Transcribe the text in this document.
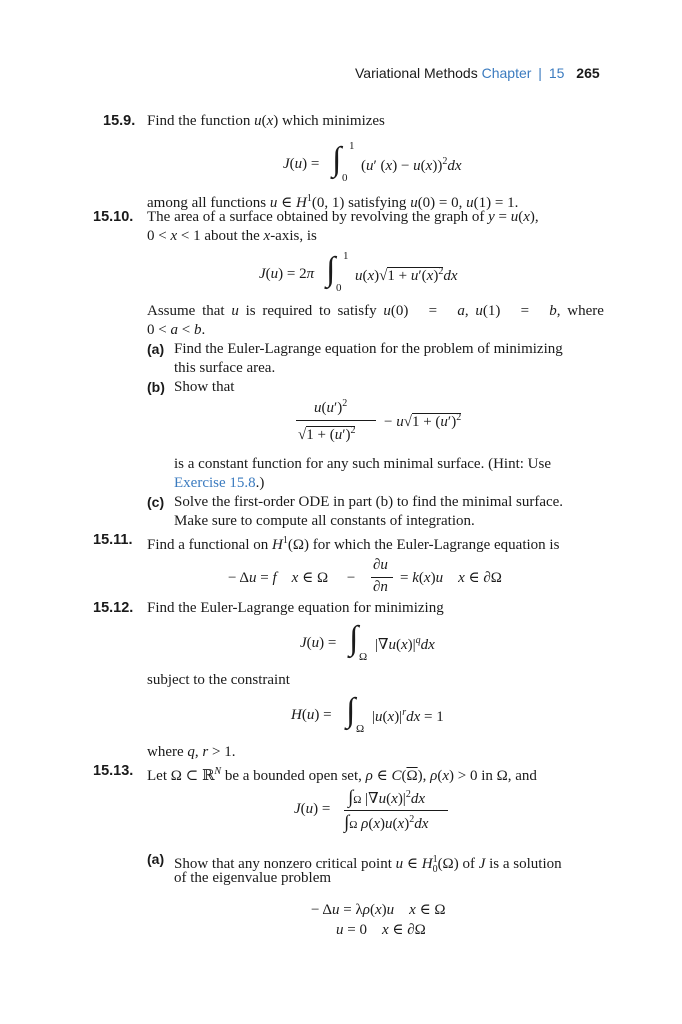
Variational Methods Chapter | 15 265
15.9. Find the function u(x) which minimizes
J(u) = ∫ 1
0
(u′ (x) − u(x))$^2$dx
among all functions u ∈ $H^1(0$, 1) satisfying u(0) = 0, u(1) = 1.
15.10. The area of a surface obtained by revolving the graph of y = u(x),
0 < x < 1 about the x-axis, is
J(u) = 2π ∫ 1
0
$u(x)√1 + u'(x)^2dx$
Assume that u is required to satisfy u(0)   =   a, u(1)   =   b, where
0 < a < b.
(a) Find the Euler-Lagrange equation for the problem of minimizing
this surface area.
(b) Show that
$u(u')^2$
$√1 + (u')^2$
− $u√1 + (u')^2$
is a constant function for any such minimal surface. (Hint: Use
Exercise 15.8.)
(c) Solve the first-order ODE in part (b) to find the minimal surface.
Make sure to compute all constants of integration.
15.11. Find a functional on $H^1(\Omega)$ for which the Euler-Lagrange equation is
− Δu = f x ∈ Ω     −
∂u
∂n
= k(x)u x ∈ ∂Ω
15.12. Find the Euler-Lagrange equation for minimizing
J(u) = ∫ Ω
$|\nabla u(x)|^qdx$
subject to the constraint
H(u) = ∫ Ω
$|u(x)|^rdx = 1$
where q, r > 1.
15.13. Let Ω ⊂ ℝ$^N$ be a bounded open set, ρ ∈ $C(\overline{\Omega})$, ρ(x) > 0 in Ω, and
J(u) =
∫Ω $|\nabla u(x)|^2dx$
∫Ω $\rho(x)u(x)^2dx$
(a) Show that any nonzero critical point u ∈ $H_0^1(\Omega)$ of J is a solution
of the eigenvalue problem
− Δu = λρ(x)u x ∈ Ω
u = 0    x ∈ ∂Ω
